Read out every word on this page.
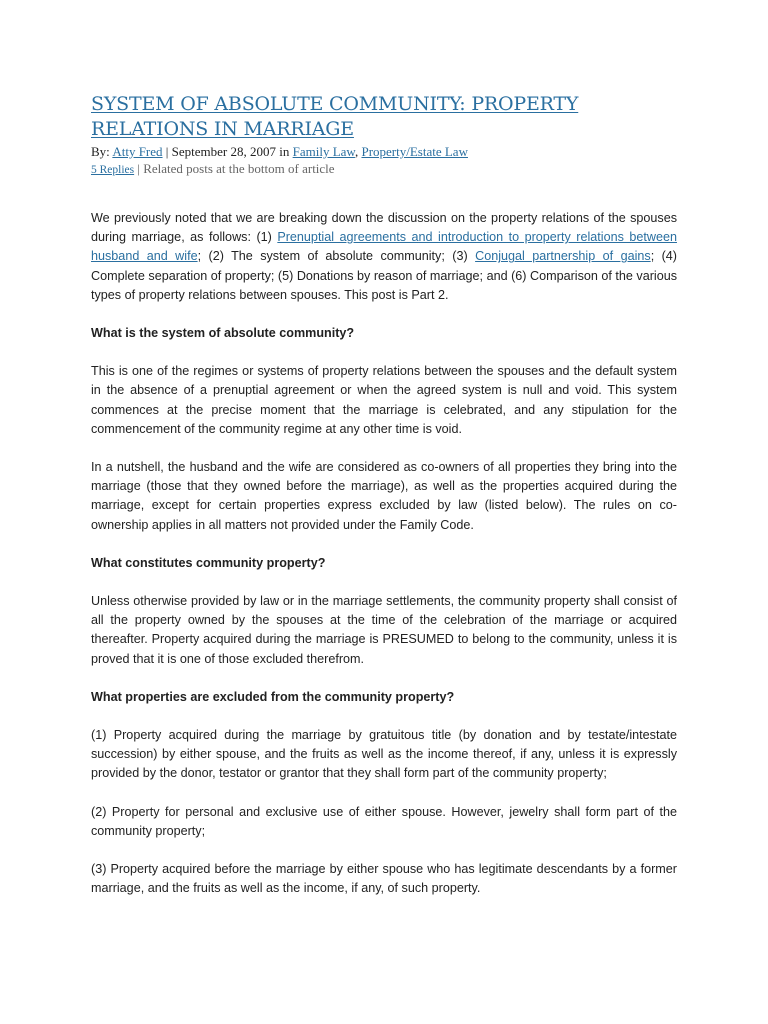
SYSTEM OF ABSOLUTE COMMUNITY: PROPERTY RELATIONS IN MARRIAGE
By: Atty Fred | September 28, 2007 in Family Law, Property/Estate Law
5 Replies | Related posts at the bottom of article

We previously noted that we are breaking down the discussion on the property relations of the spouses during marriage, as follows: (1) Prenuptial agreements and introduction to property relations between husband and wife; (2) The system of absolute community; (3) Conjugal partnership of gains; (4) Complete separation of property; (5) Donations by reason of marriage; and (6) Comparison of the various types of property relations between spouses. This post is Part 2.

What is the system of absolute community?

This is one of the regimes or systems of property relations between the spouses and the default system in the absence of a prenuptial agreement or when the agreed system is null and void. This system commences at the precise moment that the marriage is celebrated, and any stipulation for the commencement of the community regime at any other time is void.

In a nutshell, the husband and the wife are considered as co-owners of all properties they bring into the marriage (those that they owned before the marriage), as well as the properties acquired during the marriage, except for certain properties express excluded by law (listed below). The rules on co-ownership applies in all matters not provided under the Family Code.

What constitutes community property?

Unless otherwise provided by law or in the marriage settlements, the community property shall consist of all the property owned by the spouses at the time of the celebration of the marriage or acquired thereafter. Property acquired during the marriage is PRESUMED to belong to the community, unless it is proved that it is one of those excluded therefrom.

What properties are excluded from the community property?

(1) Property acquired during the marriage by gratuitous title (by donation and by testate/intestate succession) by either spouse, and the fruits as well as the income thereof, if any, unless it is expressly provided by the donor, testator or grantor that they shall form part of the community property;

(2) Property for personal and exclusive use of either spouse. However, jewelry shall form part of the community property;

(3) Property acquired before the marriage by either spouse who has legitimate descendants by a former marriage, and the fruits as well as the income, if any, of such property.
